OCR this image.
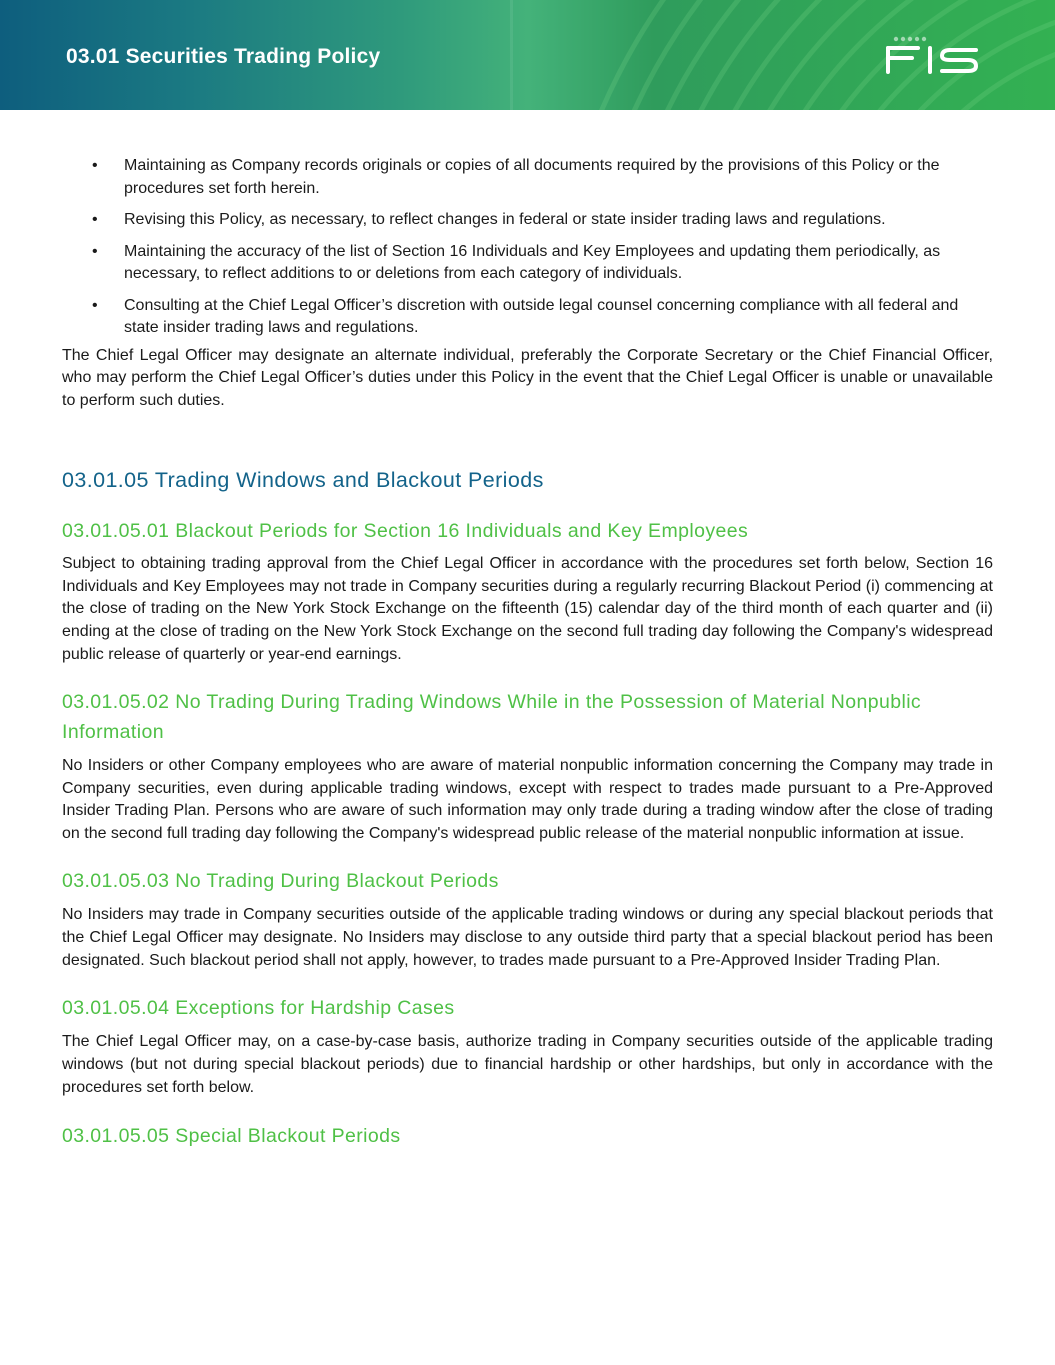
03.01 Securities Trading Policy
• Maintaining as Company records originals or copies of all documents required by the provisions of this Policy or the procedures set forth herein.
• Revising this Policy, as necessary, to reflect changes in federal or state insider trading laws and regulations.
• Maintaining the accuracy of the list of Section 16 Individuals and Key Employees and updating them periodically, as necessary, to reflect additions to or deletions from each category of individuals.
• Consulting at the Chief Legal Officer’s discretion with outside legal counsel concerning compliance with all federal and state insider trading laws and regulations.

The Chief Legal Officer may designate an alternate individual, preferably the Corporate Secretary or the Chief Financial Officer, who may perform the Chief Legal Officer’s duties under this Policy in the event that the Chief Legal Officer is unable or unavailable to perform such duties.

03.01.05 Trading Windows and Blackout Periods
03.01.05.01 Blackout Periods for Section 16 Individuals and Key Employees

Subject to obtaining trading approval from the Chief Legal Officer in accordance with the procedures set forth below, Section 16 Individuals and Key Employees may not trade in Company securities during a regularly recurring Blackout Period (i) commencing at the close of trading on the New York Stock Exchange on the fifteenth (15) calendar day of the third month of each quarter and (ii) ending at the close of trading on the New York Stock Exchange on the second full trading day following the Company's widespread public release of quarterly or year-end earnings.

03.01.05.02 No Trading During Trading Windows While in the Possession of Material Nonpublic Information

No Insiders or other Company employees who are aware of material nonpublic information concerning the Company may trade in Company securities, even during applicable trading windows, except with respect to trades made pursuant to a Pre-Approved Insider Trading Plan. Persons who are aware of such information may only trade during a trading window after the close of trading on the second full trading day following the Company's widespread public release of the material nonpublic information at issue.

03.01.05.03 No Trading During Blackout Periods

No Insiders may trade in Company securities outside of the applicable trading windows or during any special blackout periods that the Chief Legal Officer may designate. No Insiders may disclose to any outside third party that a special blackout period has been designated. Such blackout period shall not apply, however, to trades made pursuant to a Pre-Approved Insider Trading Plan.

03.01.05.04 Exceptions for Hardship Cases

The Chief Legal Officer may, on a case-by-case basis, authorize trading in Company securities outside of the applicable trading windows (but not during special blackout periods) due to financial hardship or other hardships, but only in accordance with the procedures set forth below.

03.01.05.05 Special Blackout Periods
